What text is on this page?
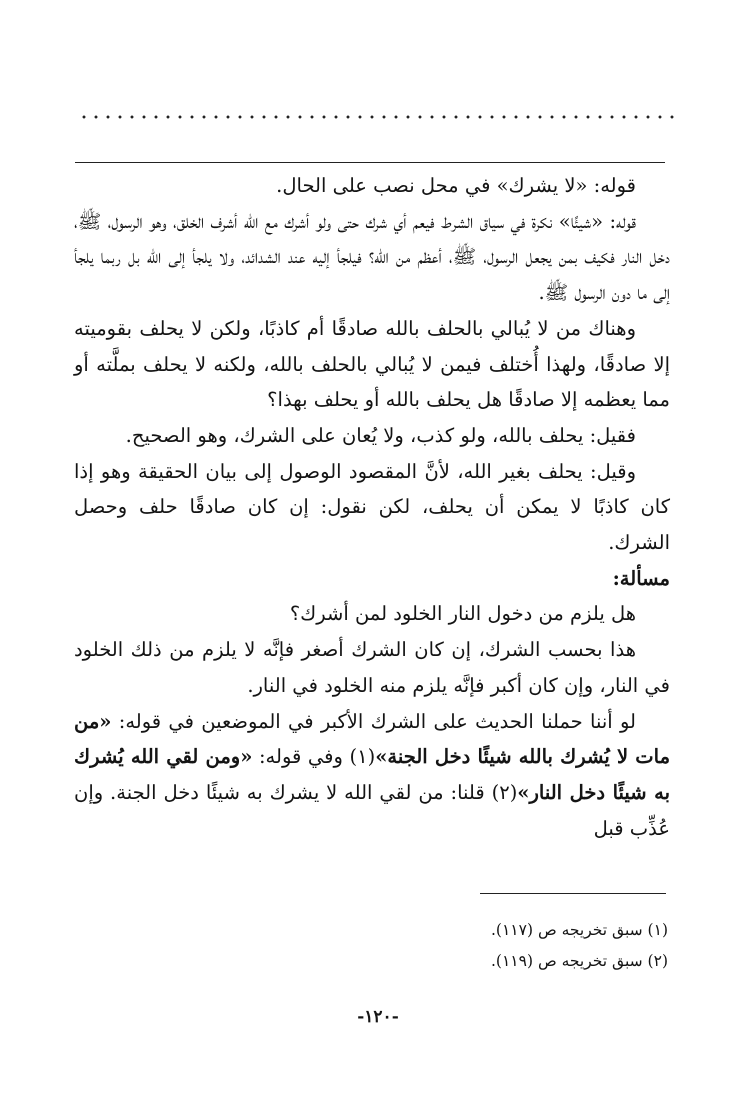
قوله: «لا يشرك» في محل نصب على الحال.

قوله: «شيئًا» نكرة في سياق الشرط فيعم أي شرك حتى ولو أشرك مع الله أشرف الخلق، وهو الرسول، ﷺ، دخل النار فكيف بمن يجعل الرسول، ﷺ، أعظم من الله؟ فيلجأ إليه عند الشدائد، ولا يلجأ إلى الله بل ربما يلجأ إلى ما دون الرسول ﷺ.

وهناك من لا يُبالي بالحلف بالله صادقًا أم كاذبًا، ولكن لا يحلف بقوميته إلا صادقًا، ولهذا أُختلف فيمن لا يُبالي بالحلف بالله، ولكنه لا يحلف بملَّته أو مما يعظمه إلا صادقًا هل يحلف بالله أو يحلف بهذا؟

فقيل: يحلف بالله، ولو كذب، ولا يُعان على الشرك، وهو الصحيح.

وقيل: يحلف بغير الله، لأنَّ المقصود الوصول إلى بيان الحقيقة وهو إذا كان كاذبًا لا يمكن أن يحلف، لكن نقول: إن كان صادقًا حلف وحصل الشرك.

مسألة:

هل يلزم من دخول النار الخلود لمن أشرك؟

هذا بحسب الشرك، إن كان الشرك أصغر فإنَّه لا يلزم من ذلك الخلود في النار، وإن كان أكبر فإنَّه يلزم منه الخلود في النار.

لو أننا حملنا الحديث على الشرك الأكبر في الموضعين في قوله: «من مات لا يُشرك بالله شيئًا دخل الجنة»(١) وفي قوله: «ومن لقي الله يُشرك به شيئًا دخل النار»(٢) قلنا: من لقي الله لا يشرك به شيئًا دخل الجنة. وإن عُذِّب قبل

(١) سبق تخريجه ص (١١٧).

(٢) سبق تخريجه ص (١١٩).

-١٢٠-
